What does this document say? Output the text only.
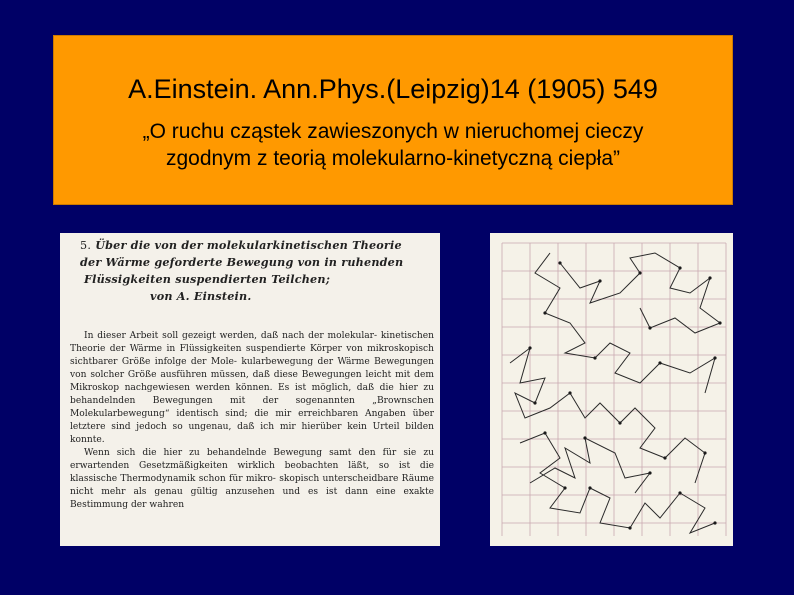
A.Einstein. Ann.Phys.(Leipzig)14 (1905) 549
„O ruchu cząstek zawieszonych w nieruchomej cieczy
zgodnym z teorią molekularno-kinetyczną ciepła”
5. Über die von der molekularkinetischen Theorie
der Wärme geforderte Bewegung von in ruhenden
Flüssigkeiten suspendierten Teilchen;
von A. Einstein.

In dieser Arbeit soll gezeigt werden, daß nach der molekular- kinetischen Theorie der Wärme in Flüssigkeiten suspendierte Körper von mikroskopisch sichtbarer Größe infolge der Mole- kularbewegung der Wärme Bewegungen von solcher Größe ausführen müssen, daß diese Bewegungen leicht mit dem Mikroskop nachgewiesen werden können. Es ist möglich, daß die hier zu behandelnden Bewegungen mit der sogenannten „Brownschen Molekularbewegung“ identisch sind; die mir erreichbaren Angaben über letztere sind jedoch so ungenau, daß ich mir hierüber kein Urteil bilden konnte.

Wenn sich die hier zu behandelnde Bewegung samt den für sie zu erwartenden Gesetzmäßigkeiten wirklich beobachten läßt, so ist die klassische Thermodynamik schon für mikro- skopisch unterscheidbare Räume nicht mehr als genau gültig anzusehen und es ist dann eine exakte Bestimmung der wahren
